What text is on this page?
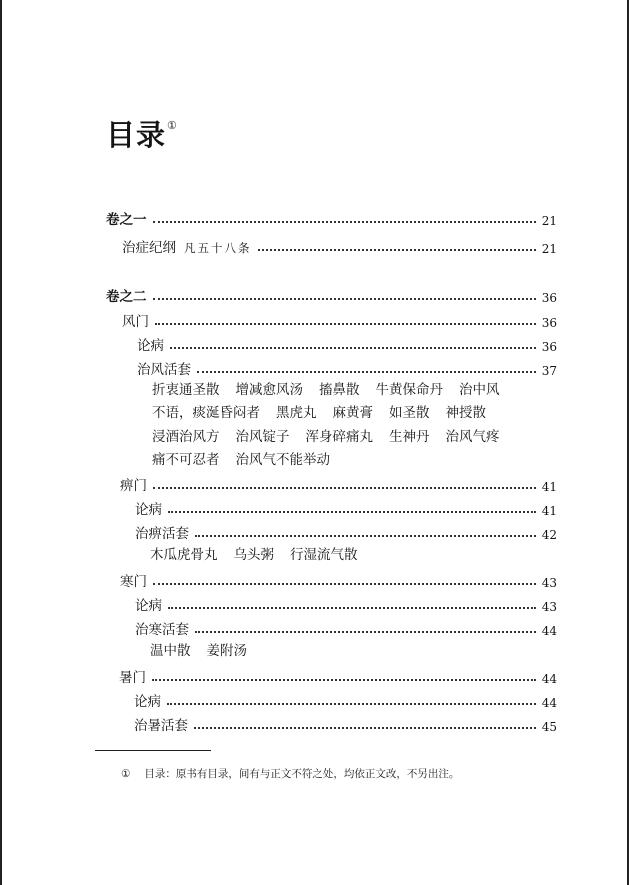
目录①
卷之一	21
治症纪纲 凡五十八条	21
卷之二	36
风门	36
论病	36
治风活套	37
折衷通圣散 增减愈风汤 搐鼻散 牛黄保命丹 治中风
不语，痰涎昏闷者 黑虎丸 麻黄膏 如圣散 神授散
浸酒治风方 治风锭子 浑身碎痛丸 生神丹 治风气疼
痛不可忍者 治风气不能举动
痹门	41
论病	41
治痹活套	42
木瓜虎骨丸 乌头粥 行湿流气散
寒门	43
论病	43
治寒活套	44
温中散 姜附汤
暑门	44
论病	44
治暑活套	45
① 目录：原书有目录，间有与正文不符之处，均依正文改，不另出注。
